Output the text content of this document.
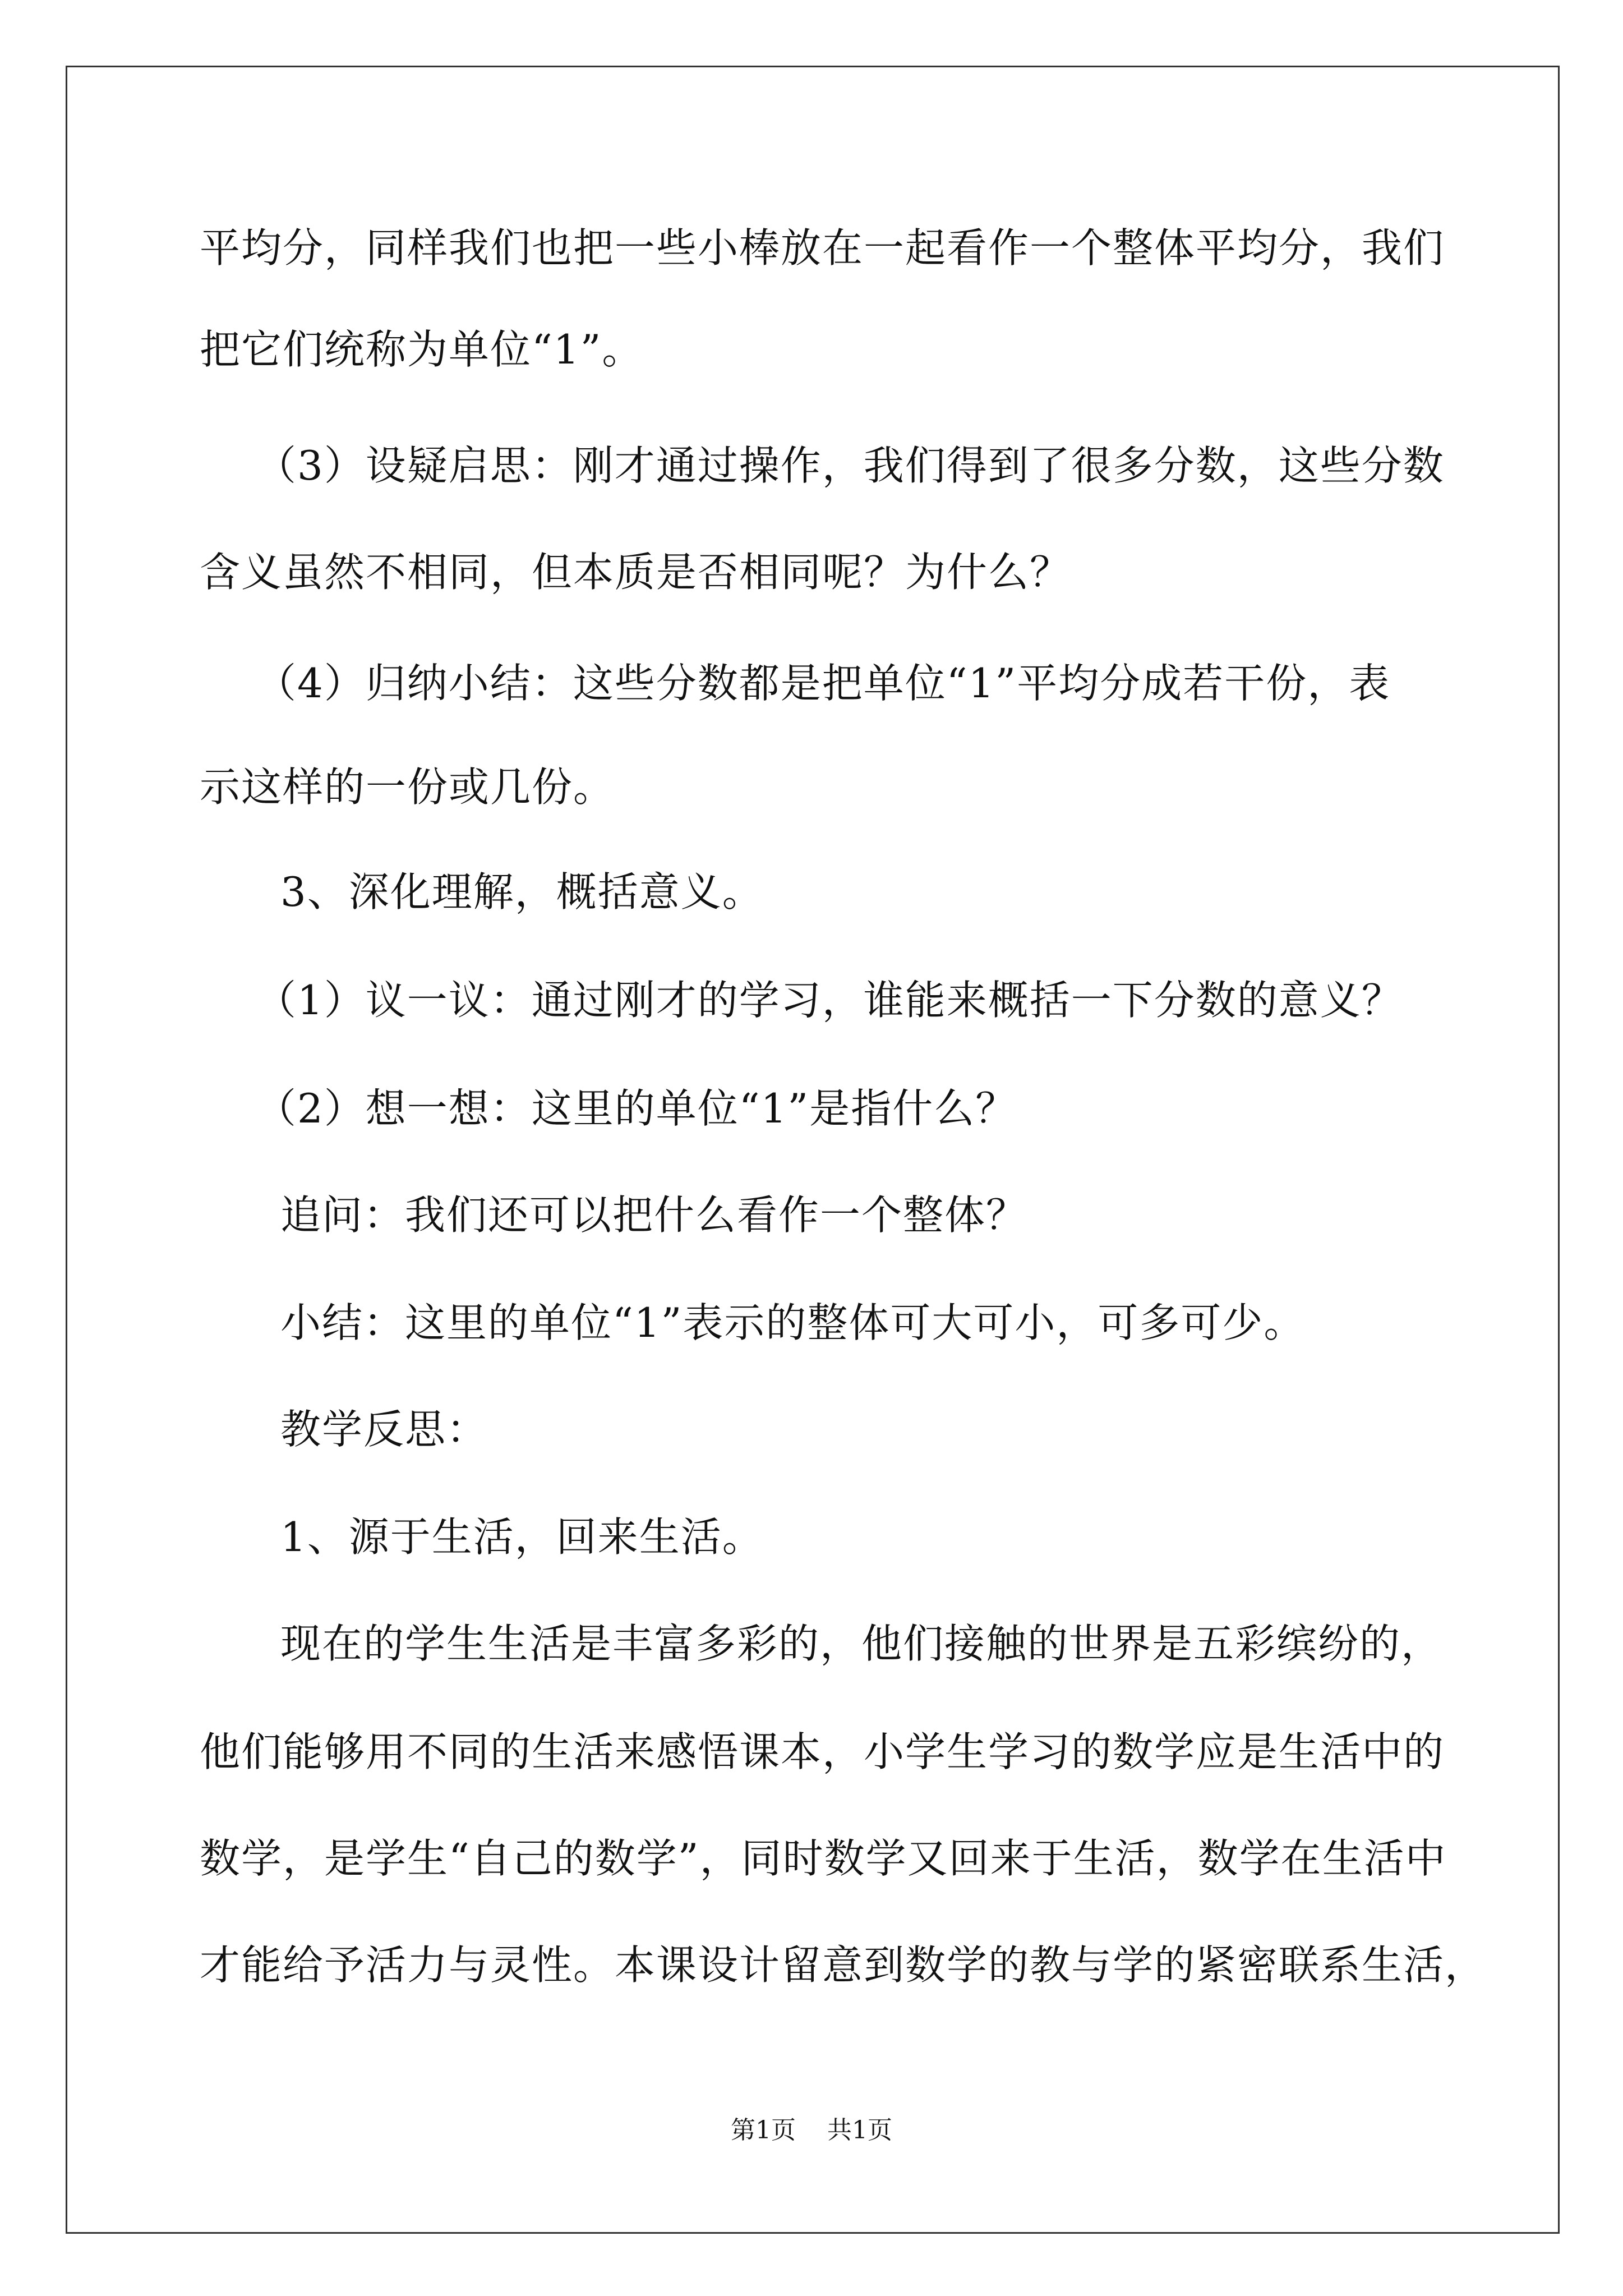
平均分，同样我们也把一些小棒放在一起看作一个整体平均分，我们
把它们统称为单位“1”。
（3）设疑启思：刚才通过操作，我们得到了很多分数，这些分数
含义虽然不相同，但本质是否相同呢？为什么？
（4）归纳小结：这些分数都是把单位“1”平均分成若干份，表
示这样的一份或几份。
3、深化理解，概括意义。
（1）议一议：通过刚才的学习，谁能来概括一下分数的意义？
（2）想一想：这里的单位“1”是指什么？
追问：我们还可以把什么看作一个整体？
小结：这里的单位“1”表示的整体可大可小，可多可少。
教学反思：
1、源于生活，回来生活。
现在的学生生活是丰富多彩的，他们接触的世界是五彩缤纷的，
他们能够用不同的生活来感悟课本，小学生学习的数学应是生活中的
数学，是学生“自己的数学”，同时数学又回来于生活，数学在生活中
才能给予活力与灵性。本课设计留意到数学的教与学的紧密联系生活，
第1页 共1页
